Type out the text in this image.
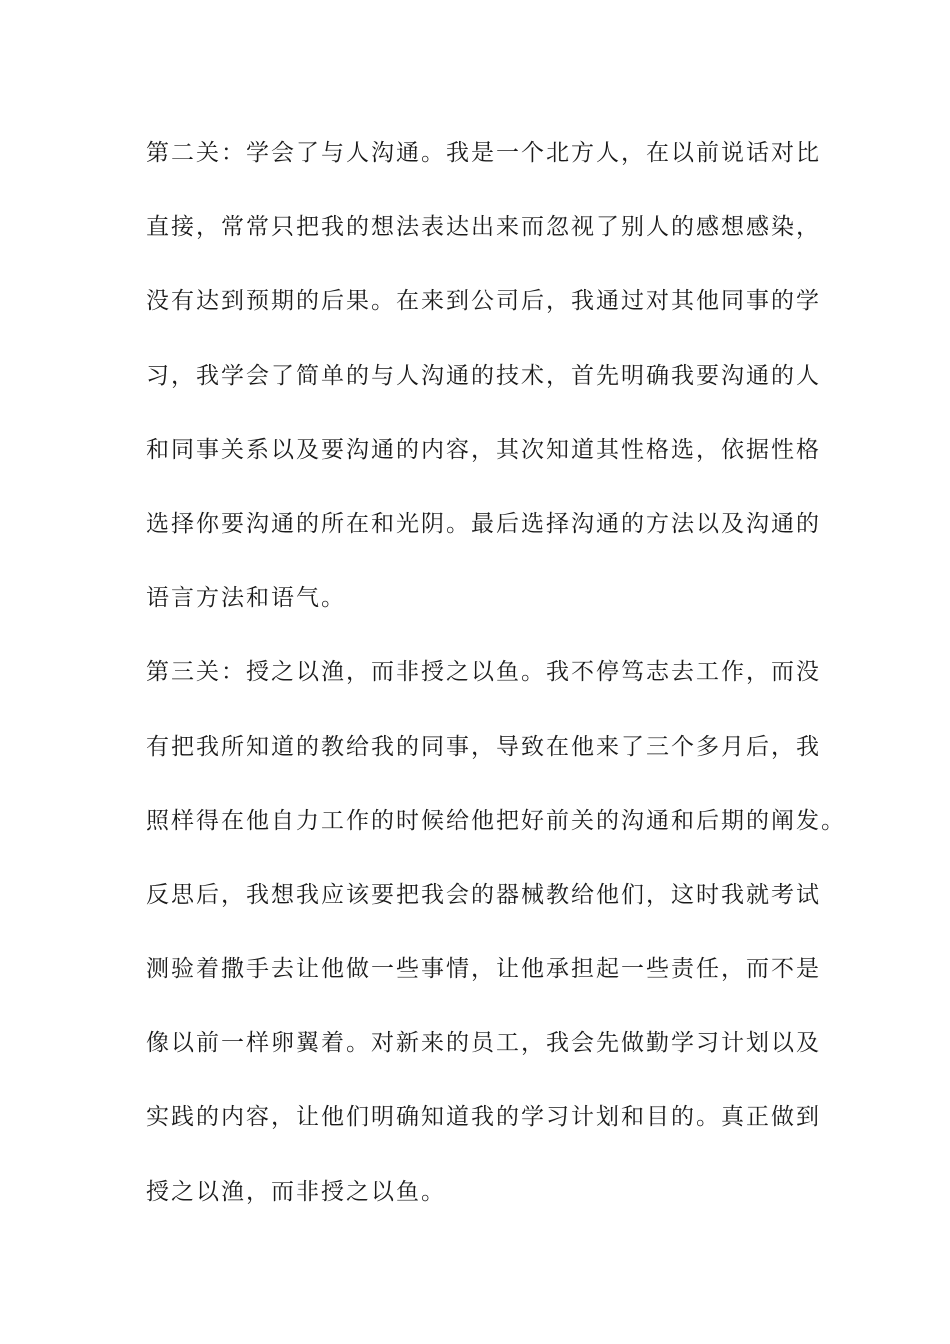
第二关：学会了与人沟通。我是一个北方人，在以前说话对比
直接，常常只把我的想法表达出来而忽视了别人的感想感染，
没有达到预期的后果。在来到公司后，我通过对其他同事的学
习，我学会了简单的与人沟通的技术，首先明确我要沟通的人
和同事关系以及要沟通的内容，其次知道其性格选，依据性格
选择你要沟通的所在和光阴。最后选择沟通的方法以及沟通的
语言方法和语气。
第三关：授之以渔，而非授之以鱼。我不停笃志去工作，而没
有把我所知道的教给我的同事，导致在他来了三个多月后，我
照样得在他自力工作的时候给他把好前关的沟通和后期的阐发。
反思后，我想我应该要把我会的器械教给他们，这时我就考试
测验着撒手去让他做一些事情，让他承担起一些责任，而不是
像以前一样卵翼着。对新来的员工，我会先做勤学习计划以及
实践的内容，让他们明确知道我的学习计划和目的。真正做到
授之以渔，而非授之以鱼。
